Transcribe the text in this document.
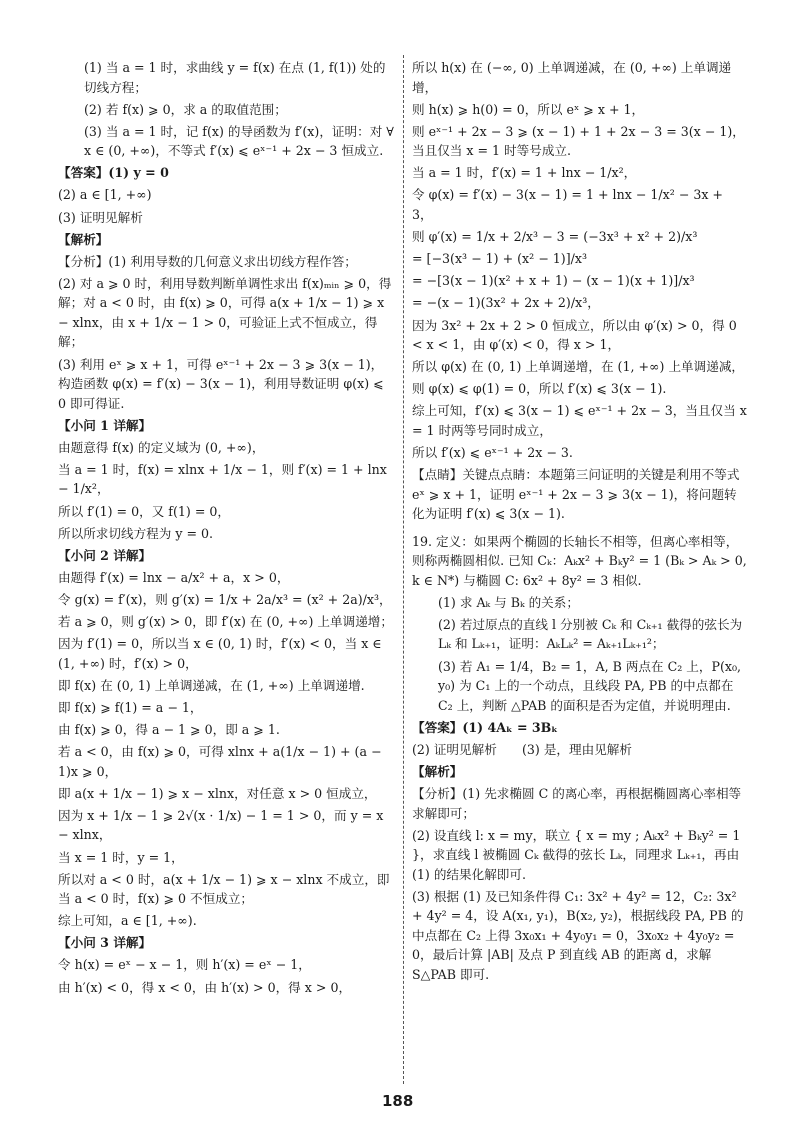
(1) 当 a = 1 时，求曲线 y = f(x) 在点 (1, f(1)) 处的切线方程；

(2) 若 f(x) ⩾ 0，求 a 的取值范围；

(3) 当 a = 1 时，记 f(x) 的导函数为 f′(x)，证明：对 ∀ x ∈ (0, +∞)，不等式 f′(x) ⩽ eˣ⁻¹ + 2x − 3 恒成立.

【答案】(1) y = 0

(2) a ∈ [1, +∞)

(3) 证明见解析

【解析】

【分析】(1) 利用导数的几何意义求出切线方程作答；

(2) 对 a ⩾ 0 时，利用导数判断单调性求出 f(x)ₘᵢₙ ⩾ 0，得解；对 a < 0 时，由 f(x) ⩾ 0，可得 a(x + 1/x − 1) ⩾ x − xlnx，由 x + 1/x − 1 > 0，可验证上式不恒成立，得解；

(3) 利用 eˣ ⩾ x + 1，可得 eˣ⁻¹ + 2x − 3 ⩾ 3(x − 1)，构造函数 φ(x) = f′(x) − 3(x − 1)，利用导数证明 φ(x) ⩽ 0 即可得证.

【小问 1 详解】

由题意得 f(x) 的定义域为 (0, +∞)，

当 a = 1 时，f(x) = xlnx + 1/x − 1，则 f′(x) = 1 + lnx − 1/x²，

所以 f′(1) = 0，又 f(1) = 0，

所以所求切线方程为 y = 0.

【小问 2 详解】

由题得 f′(x) = lnx − a/x² + a，x > 0，

令 g(x) = f′(x)，则 g′(x) = 1/x + 2a/x³ = (x² + 2a)/x³，

若 a ⩾ 0，则 g′(x) > 0，即 f′(x) 在 (0, +∞) 上单调递增；

因为 f′(1) = 0，所以当 x ∈ (0, 1) 时，f′(x) < 0，当 x ∈ (1, +∞) 时，f′(x) > 0，

即 f(x) 在 (0, 1) 上单调递减，在 (1, +∞) 上单调递增.

即 f(x) ⩾ f(1) = a − 1，

由 f(x) ⩾ 0，得 a − 1 ⩾ 0，即 a ⩾ 1.

若 a < 0，由 f(x) ⩾ 0，可得 xlnx + a(1/x − 1) + (a − 1)x ⩾ 0，

即 a(x + 1/x − 1) ⩾ x − xlnx，对任意 x > 0 恒成立，

因为 x + 1/x − 1 ⩾ 2√(x · 1/x) − 1 = 1 > 0，而 y = x − xlnx，

当 x = 1 时，y = 1，

所以对 a < 0 时，a(x + 1/x − 1) ⩾ x − xlnx 不成立，即当 a < 0 时，f(x) ⩾ 0 不恒成立；

综上可知，a ∈ [1, +∞).

【小问 3 详解】

令 h(x) = eˣ − x − 1，则 h′(x) = eˣ − 1，

由 h′(x) < 0，得 x < 0，由 h′(x) > 0，得 x > 0，

所以 h(x) 在 (−∞, 0) 上单调递减，在 (0, +∞) 上单调递增，

则 h(x) ⩾ h(0) = 0，所以 eˣ ⩾ x + 1，

则 eˣ⁻¹ + 2x − 3 ⩾ (x − 1) + 1 + 2x − 3 = 3(x − 1)，当且仅当 x = 1 时等号成立.

当 a = 1 时，f′(x) = 1 + lnx − 1/x²，

令 φ(x) = f′(x) − 3(x − 1) = 1 + lnx − 1/x² − 3x + 3，

则 φ′(x) = 1/x + 2/x³ − 3 = (−3x³ + x² + 2)/x³

= [−3(x³ − 1) + (x² − 1)]/x³

= −[3(x − 1)(x² + x + 1) − (x − 1)(x + 1)]/x³

= −(x − 1)(3x² + 2x + 2)/x³，

因为 3x² + 2x + 2 > 0 恒成立，所以由 φ′(x) > 0，得 0 < x < 1，由 φ′(x) < 0，得 x > 1，

所以 φ(x) 在 (0, 1) 上单调递增，在 (1, +∞) 上单调递减，

则 φ(x) ⩽ φ(1) = 0，所以 f′(x) ⩽ 3(x − 1).

综上可知，f′(x) ⩽ 3(x − 1) ⩽ eˣ⁻¹ + 2x − 3，当且仅当 x = 1 时两等号同时成立，

所以 f′(x) ⩽ eˣ⁻¹ + 2x − 3.

【点睛】关键点点睛：本题第三问证明的关键是利用不等式 eˣ ⩾ x + 1，证明 eˣ⁻¹ + 2x − 3 ⩾ 3(x − 1)，将问题转化为证明 f′(x) ⩽ 3(x − 1).

19. 定义：如果两个椭圆的长轴长不相等，但离心率相等，则称两椭圆相似. 已知 Cₖ：Aₖx² + Bₖy² = 1 (Bₖ > Aₖ > 0, k ∈ N*) 与椭圆 C: 6x² + 8y² = 3 相似.

(1) 求 Aₖ 与 Bₖ 的关系；

(2) 若过原点的直线 l 分别被 Cₖ 和 Cₖ₊₁ 截得的弦长为 Lₖ 和 Lₖ₊₁，证明：AₖLₖ² = Aₖ₊₁Lₖ₊₁²；

(3) 若 A₁ = 1/4，B₂ = 1，A, B 两点在 C₂ 上，P(x₀, y₀) 为 C₁ 上的一个动点，且线段 PA, PB 的中点都在 C₂ 上，判断 △PAB 的面积是否为定值，并说明理由.

【答案】(1) 4Aₖ = 3Bₖ

(2) 证明见解析　　(3) 是，理由见解析

【解析】

【分析】(1) 先求椭圆 C 的离心率，再根据椭圆离心率相等求解即可；

(2) 设直线 l: x = my，联立 { x = my ; Aₖx² + Bₖy² = 1 }，求直线 l 被椭圆 Cₖ 截得的弦长 Lₖ，同理求 Lₖ₊₁，再由 (1) 的结果化解即可.

(3) 根据 (1) 及已知条件得 C₁: 3x² + 4y² = 12，C₂: 3x² + 4y² = 4，设 A(x₁, y₁)，B(x₂, y₂)，根据线段 PA, PB 的中点都在 C₂ 上得 3x₀x₁ + 4y₀y₁ = 0，3x₀x₂ + 4y₀y₂ = 0，最后计算 |AB| 及点 P 到直线 AB 的距离 d，求解 S△PAB 即可.

188
